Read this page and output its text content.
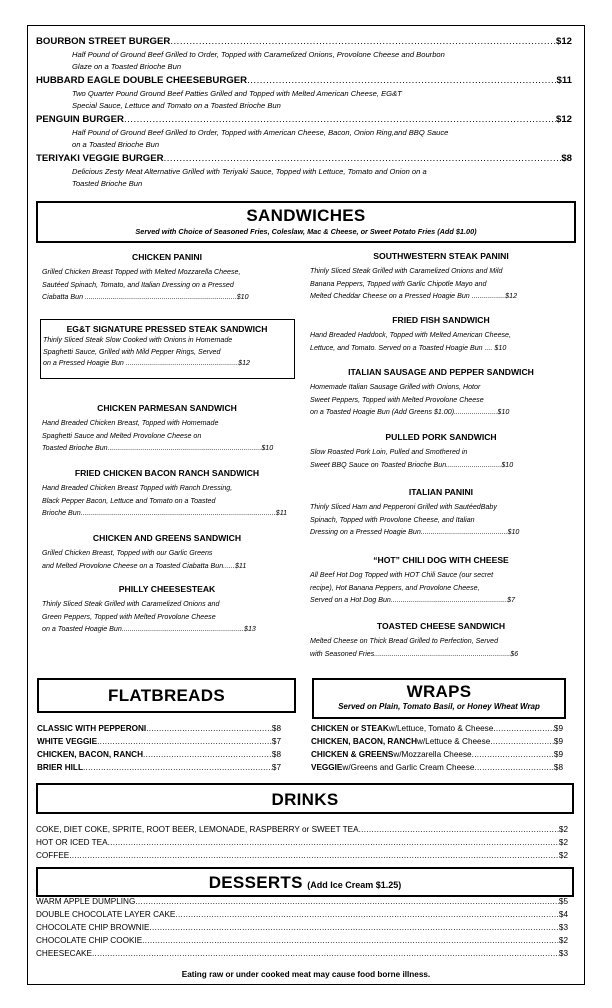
BOURBON STREET BURGER .....	$12
Half Pound of Ground Beef Grilled to Order, Topped with Caramelized Onions, Provolone Cheese and Bourbon
Glaze on a Toasted Brioche Bun
HUBBARD EAGLE DOUBLE CHEESEBURGER .....	$11
Two Quarter Pound Ground Beef Patties Grilled and Topped with Melted American Cheese, EG&T
Special Sauce, Lettuce and Tomato on a Toasted Brioche Bun
PENGUIN BURGER .....	$12
Half Pound of Ground Beef Grilled to Order, Topped with American Cheese, Bacon, Onion Ring,and BBQ Sauce
on a Toasted Brioche Bun
TERIYAKI VEGGIE BURGER .....	$8
Delicious Zesty Meat Alternative Grilled with Teriyaki Sauce, Topped with Lettuce, Tomato and Onion on a
Toasted Brioche Bun
SANDWICHES
Served with Choice of Seasoned Fries, Coleslaw, Mac & Cheese, or Sweet Potato Fries (Add $1.00)
CHICKEN PANINI
Grilled Chicken Breast Topped with Melted Mozzarella Cheese,
Sautéed Spinach, Tomato, and Italian Dressing on a Pressed
Ciabatta Bun .............................................................................$10
EG&T SIGNATURE PRESSED STEAK SANDWICH
Thinly Sliced Steak Slow Cooked with Onions in Homemade
Spaghetti Sauce, Grilled with Mild Pepper Rings, Served
on a Pressed Hoagie Bun .........................................................$12
CHICKEN PARMESAN SANDWICH
Hand Breaded Chicken Breast, Topped with Homemade
Spaghetti Sauce and Melted Provolone Cheese on
Toasted Brioche Bun..............................................................................$10
FRIED CHICKEN BACON RANCH SANDWICH
Hand Breaded Chicken Breast Topped with Ranch Dressing,
Black Pepper Bacon, Lettuce and Tomato on a Toasted
Brioche Bun...................................................................................................$11
CHICKEN AND GREENS SANDWICH
Grilled Chicken Breast, Topped with our Garlic Greens
and Melted Provolone Cheese on a Toasted Ciabatta Bun......$11
PHILLY CHEESESTEAK
Thinly Sliced Steak Grilled with Caramelized Onions and
Green Peppers, Topped with Melted Provolone Cheese
on a Toasted Hoagie Bun..............................................................$13
SOUTHWESTERN STEAK PANINI
Thinly Sliced Steak Grilled with Caramelized Onions and Mild
Banana Peppers, Topped with Garlic Chipotle Mayo and
Melted Cheddar Cheese on a Pressed Hoagie Bun .................$12
FRIED FISH SANDWICH
Hand Breaded Haddock, Topped with Melted American Cheese,
Lettuce, and Tomato. Served on a Toasted Hoagie Bun .... $10
ITALIAN SAUSAGE AND PEPPER SANDWICH
Homemade Italian Sausage Grilled with Onions, Hotor
Sweet Peppers, Topped with Melted Provolone Cheese
on a Toasted Hoagie Bun (Add Greens $1.00)......................$10
PULLED PORK SANDWICH
Slow Roasted Pork Loin, Pulled and Smothered in
Sweet BBQ Sauce on Toasted Brioche Bun............................$10
ITALIAN PANINI
Thinly Sliced Ham and Pepperoni Grilled with SautéedBaby
Spinach, Topped with Provolone Cheese, and Italian
Dressing on a Pressed Hoagie Bun............................................$10
“HOT” CHILI DOG WITH CHEESE
All Beef Hot Dog Topped with HOT Chili Sauce (our secret
recipe), Hot Banana Peppers, and Provolone Cheese,
Served on a Hot Dog Bun...........................................................$7
TOASTED CHEESE SANDWICH
Melted Cheese on Thick Bread Grilled to Perfection, Served
with Seasoned Fries.....................................................................$6
FLATBREADS
CLASSIC WITH PEPPERONI .....	$8
WHITE VEGGIE .....	$7
CHICKEN, BACON, RANCH .....	$8
BRIER HILL .....	$7
WRAPS
Served on Plain, Tomato Basil, or Honey Wheat Wrap
CHICKEN or STEAK w/Lettuce, Tomato & Cheese .....	$9
CHICKEN, BACON, RANCH w/Lettuce & Cheese .....	$9
CHICKEN & GREENS w/Mozzarella Cheese .....	$9
VEGGIE w/Greens and Garlic Cream Cheese .....	$8
DRINKS
COKE, DIET COKE, SPRITE, ROOT BEER, LEMONADE, RASPBERRY or SWEET TEA .....	$2
HOT OR ICED TEA .....	$2
COFFEE .....	$2
DESSERTS (Add Ice Cream $1.25)
WARM APPLE DUMPLING .....	$5
DOUBLE CHOCOLATE LAYER CAKE .....	$4
CHOCOLATE CHIP BROWNIE .....	$3
CHOCOLATE CHIP COOKIE .....	$2
CHEESECAKE .....	$3
Eating raw or under cooked meat may cause food borne illness.
